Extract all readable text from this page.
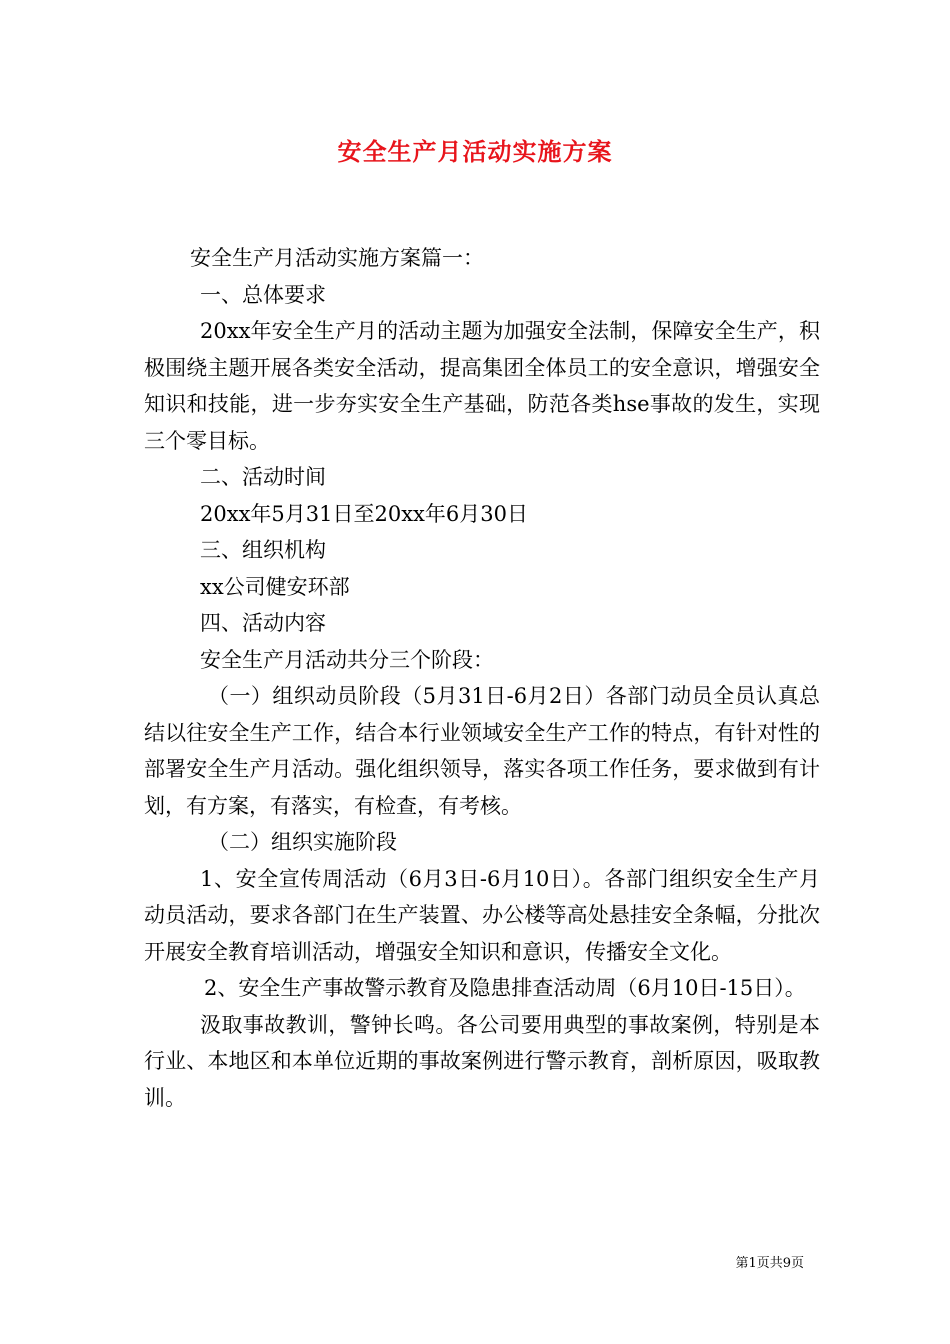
安全生产月活动实施方案

安全生产月活动实施方案篇一：

一、总体要求

20xx年安全生产月的活动主题为加强安全法制，保障安全生产，积极围绕主题开展各类安全活动，提高集团全体员工的安全意识，增强安全知识和技能，进一步夯实安全生产基础，防范各类hse事故的发生，实现三个零目标。

二、活动时间

20xx年5月31日至20xx年6月30日

三、组织机构

xx公司健安环部

四、活动内容

安全生产月活动共分三个阶段：

（一）组织动员阶段（5月31日-6月2日）各部门动员全员认真总结以往安全生产工作，结合本行业领域安全生产工作的特点，有针对性的部署安全生产月活动。强化组织领导，落实各项工作任务，要求做到有计划，有方案，有落实，有检查，有考核。

（二）组织实施阶段

1、安全宣传周活动（6月3日-6月10日）。各部门组织安全生产月动员活动，要求各部门在生产装置、办公楼等高处悬挂安全条幅，分批次开展安全教育培训活动，增强安全知识和意识，传播安全文化。

2、安全生产事故警示教育及隐患排查活动周（6月10日-15日）。

汲取事故教训，警钟长鸣。各公司要用典型的事故案例，特别是本行业、本地区和本单位近期的事故案例进行警示教育，剖析原因，吸取教训。

第1页共9页
